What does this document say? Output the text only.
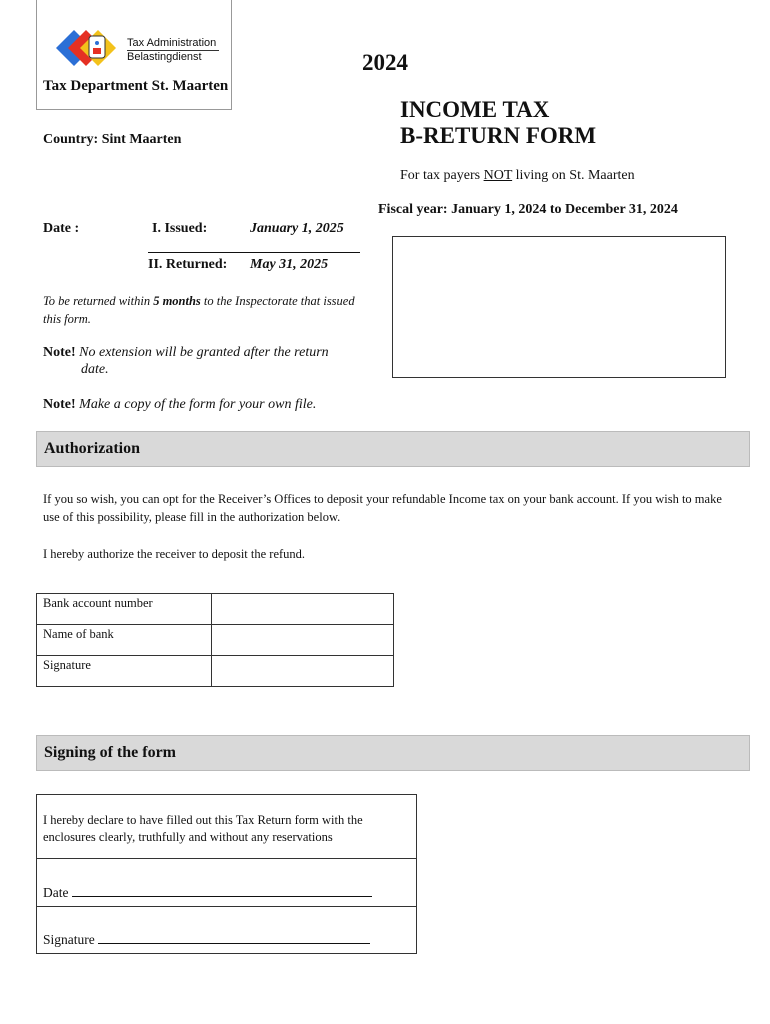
Tax Administration
Belastingdienst
Tax Department St. Maarten
2024
INCOME TAX
B-RETURN FORM
Country: Sint Maarten
For tax payers NOT living on St. Maarten
Fiscal year: January 1, 2024 to December 31, 2024
Date :	I. Issued:	January 1, 2025
II. Returned: May 31, 2025
To be returned within 5 months to the Inspectorate that issued this form.
Note! No extension will be granted after the return
date.
Note! Make a copy of the form for your own file.
Authorization
If you so wish, you can opt for the Receiver’s Offices to deposit your refundable Income tax on your bank account. If you wish to make use of this possibility, please fill in the authorization below.
I hereby authorize the receiver to deposit the refund.
Bank account number	
Name of bank	
Signature	
Signing of the form
I hereby declare to have filled out this Tax Return form with the enclosures clearly, truthfully and without any reservations
Date
Signature
